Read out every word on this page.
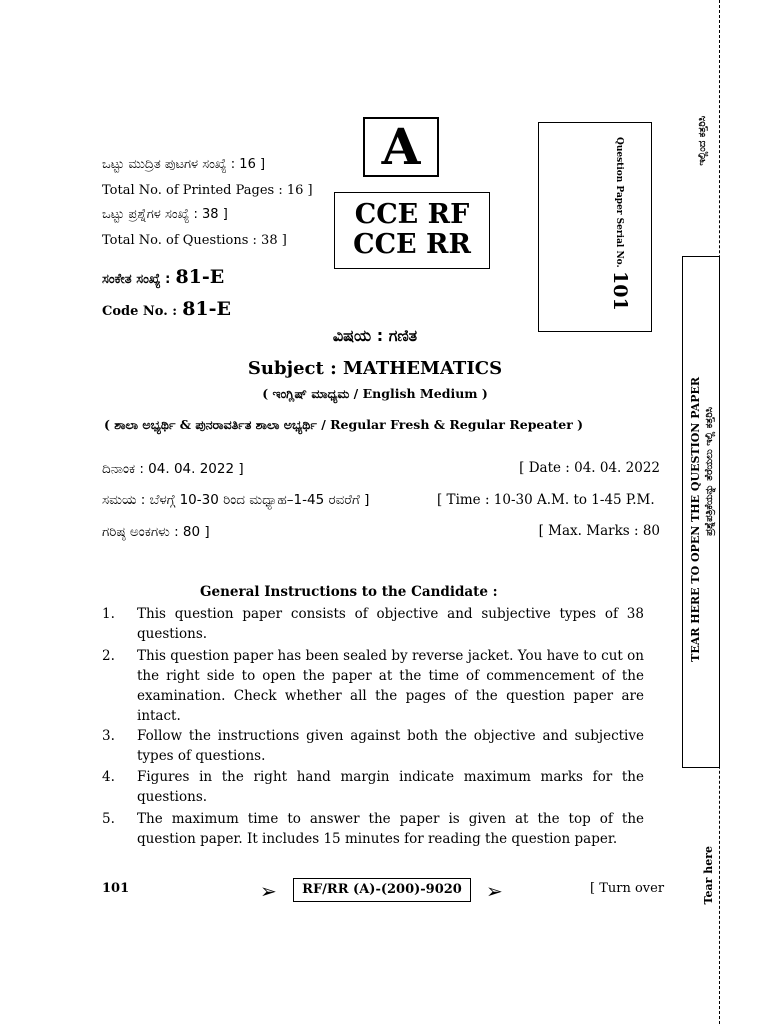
ಒಟ್ಟು ಮುದ್ರಿತ ಪುಟಗಳ ಸಂಖ್ಯೆ : 16 ]
Total No. of Printed Pages : 16 ]
ಒಟ್ಟು ಪ್ರಶ್ನೆಗಳ ಸಂಖ್ಯೆ : 38 ]
Total No. of Questions : 38 ]
ಸಂಕೇತ ಸಂಖ್ಯೆ : 81-E
Code No. : 81-E
A
CCE RF
CCE RR	Question Paper Serial No.
101
ವಿಷಯ : ಗಣಿತ
Subject : MATHEMATICS
( ಇಂಗ್ಲಿಷ್ ಮಾಧ್ಯಮ / English Medium )
( ಶಾಲಾ ಅಭ್ಯರ್ಥಿ & ಪುನರಾವರ್ತಿತ ಶಾಲಾ ಅಭ್ಯರ್ಥಿ / Regular Fresh & Regular Repeater )
ದಿನಾಂಕ : 04. 04. 2022 ]	[ Date : 04. 04. 2022
ಸಮಯ : ಬೆಳಗ್ಗೆ 10-30 ರಿಂದ ಮಧ್ಯಾಹ–1-45 ರವರೆಗೆ ]	[ Time : 10-30 A.M. to 1-45 P.M.
ಗರಿಷ್ಠ ಅಂಕಗಳು : 80 ]	[ Max. Marks : 80
General Instructions to the Candidate :
1. This question paper consists of objective and subjective types of 38 questions.
2. This question paper has been sealed by reverse jacket. You have to cut on the right side to open the paper at the time of commencement of the examination. Check whether all the pages of the question paper are intact.
3. Follow the instructions given against both the objective and subjective types of questions.
4. Figures in the right hand margin indicate maximum marks for the questions.
5. The maximum time to answer the paper is given at the top of the question paper. It includes 15 minutes for reading the question paper.
101	➢	RF/RR (A)-(200)-9020	➢	[ Turn over
ಇಲ್ಲಿಂದ ಕತ್ತರಿಸಿ
TEAR HERE TO OPEN THE QUESTION PAPER ಪ್ರಶ್ನೆಪತ್ರಿಕೆಯನ್ನು ತೆರೆಯಲು ಇಲ್ಲಿ ಕತ್ತರಿಸಿ
Tear here
